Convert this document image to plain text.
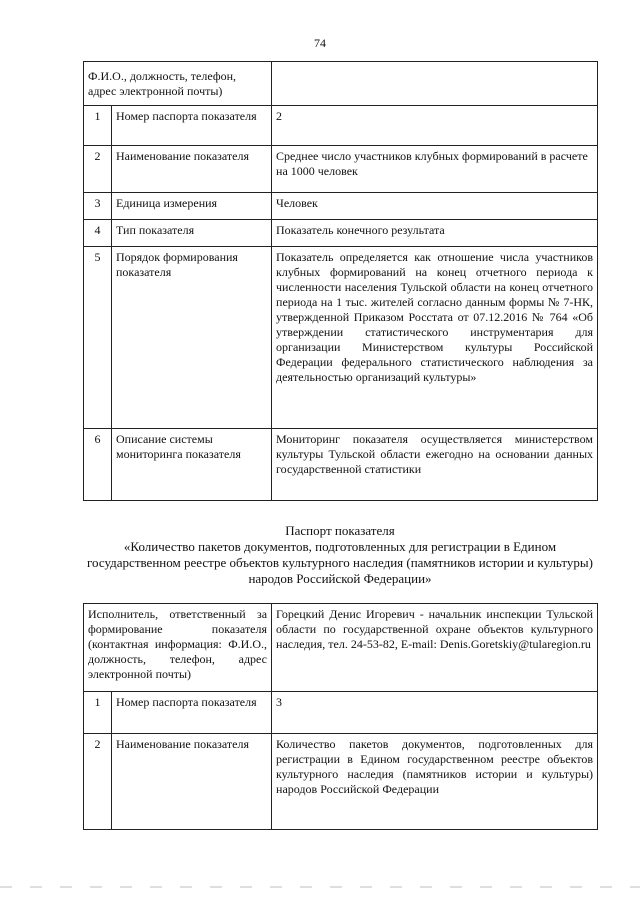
74
Ф.И.О., должность, телефон, адрес электронной почты)		
1	Номер паспорта показателя	2
2	Наименование показателя	Среднее число участников клубных формирований в расчете на 1000 человек
3	Единица измерения	Человек
4	Тип показателя	Показатель конечного результата
5	Порядок формирования показателя	Показатель определяется как отношение числа участников клубных формирований на конец отчетного периода к численности населения Тульской области на конец отчетного периода на 1 тыс. жителей согласно данным формы № 7-НК, утвержденной Приказом Росстата от 07.12.2016 № 764 «Об утверждении статистического инструментария для организации Министерством культуры Российской Федерации федерального статистического наблюдения за деятельностью организаций культуры»
6	Описание системы мониторинга показателя	Мониторинг показателя осуществляется министерством культуры Тульской области ежегодно на основании данных государственной статистики
Паспорт показателя
«Количество пакетов документов, подготовленных для регистрации в Едином государственном реестре объектов культурного наследия (памятников истории и культуры) народов Российской Федерации»
Исполнитель, ответственный за формирование показателя (контактная информация: Ф.И.О., должность, телефон, адрес электронной почты)		Горецкий Денис Игоревич - начальник инспекции Тульской области по государственной охране объектов культурного наследия, тел. 24-53-82, E-mail: Denis.Goretskiy@tularegion.ru
1	Номер паспорта показателя	3
2	Наименование показателя	Количество пакетов документов, подготовленных для регистрации в Едином государственном реестре объектов культурного наследия (памятников истории и культуры) народов Российской Федерации
